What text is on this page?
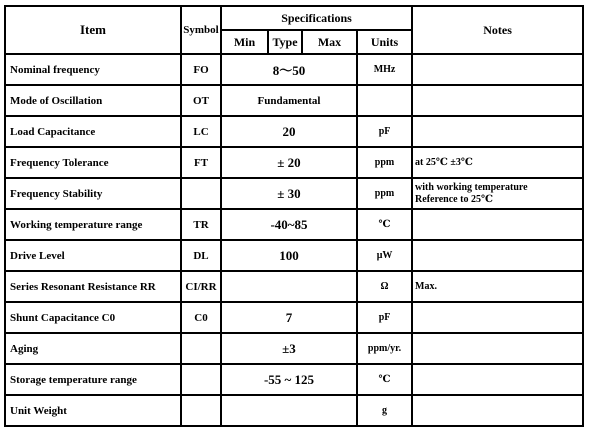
Item	Symbol	Specifications				Notes
		Min	Type	Max	Units	
Nominal frequency	FO	8～50			MHz	
Mode of Oscillation	OT	Fundamental				
Load Capacitance	LC	20			pF	
Frequency Tolerance	FT	± 20			ppm	at 25℃ ±3℃
Frequency Stability		± 30			ppm	with working temperature
Reference to 25℃

Working temperature range	TR	-40~85			℃	
Drive Level	DL	100			μW	
Series Resonant Resistance RR	CI/RR				Ω	Max.
Shunt Capacitance C0	C0	7			pF	
Aging		±3			ppm/yr.	
Storage temperature range		-55 ~ 125			℃	
Unit Weight					g	
